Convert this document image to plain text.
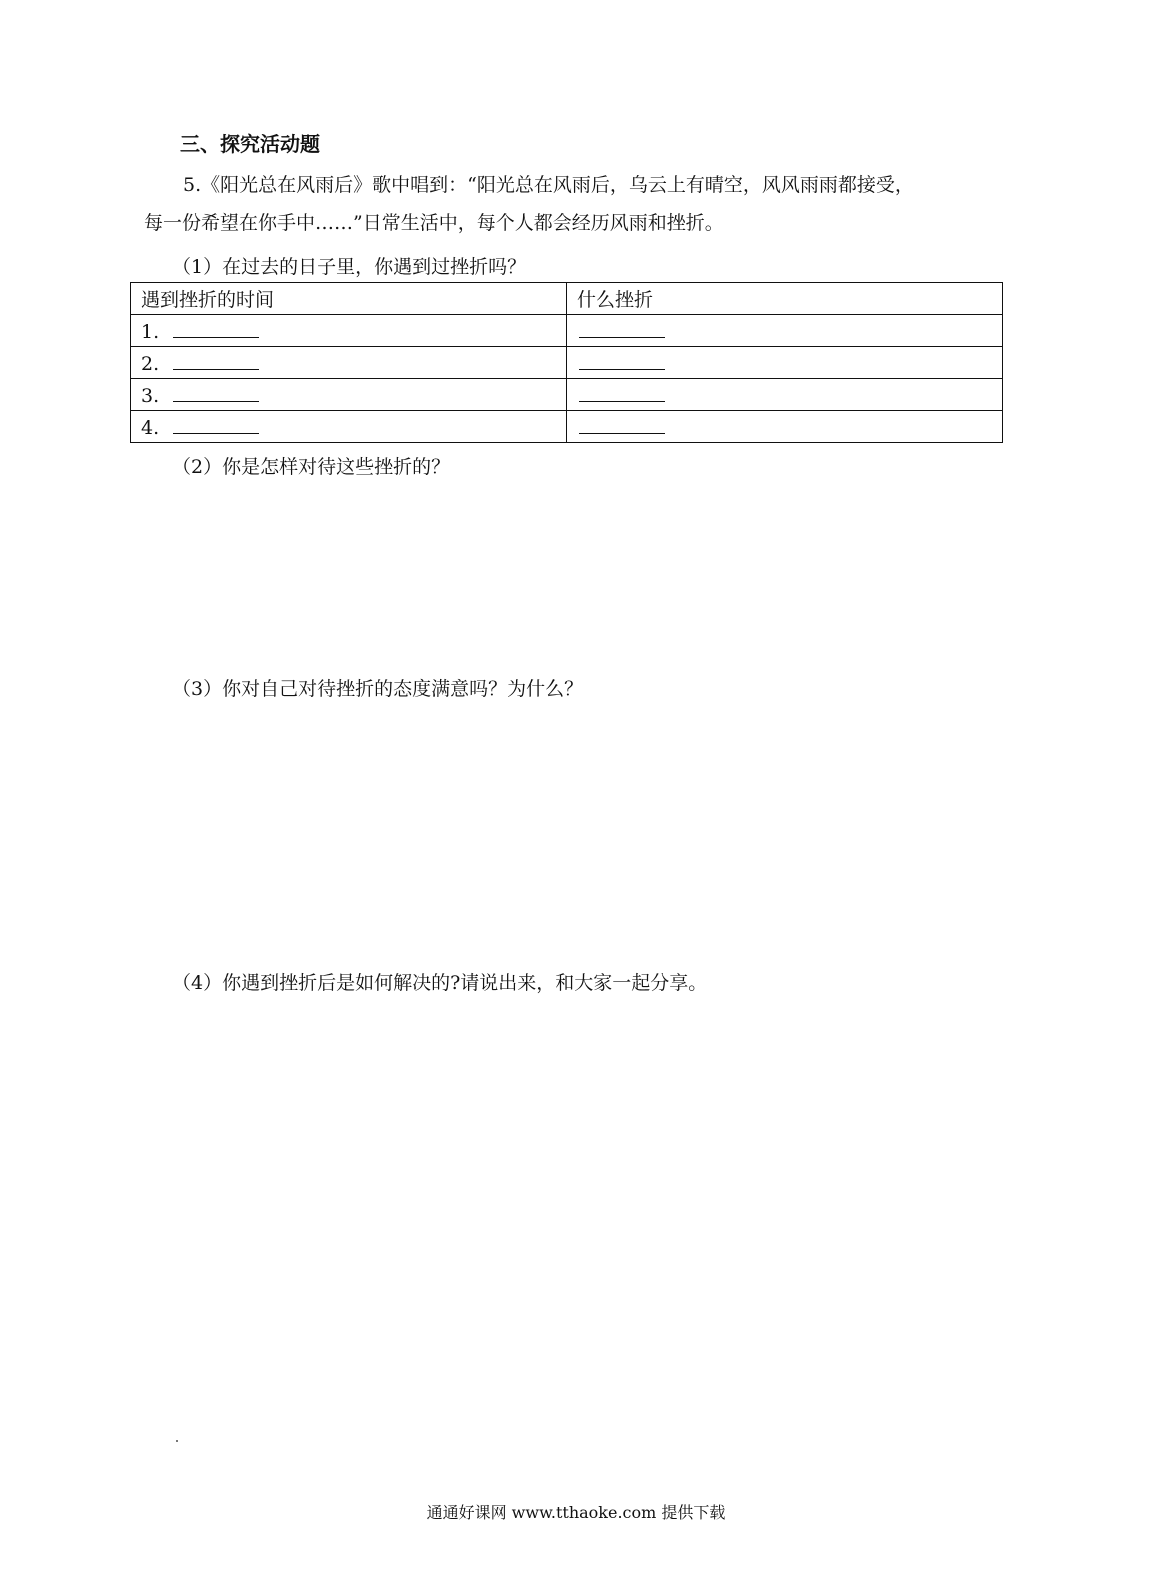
三、探究活动题
5.《阳光总在风雨后》歌中唱到：“阳光总在风雨后，乌云上有晴空，风风雨雨都接受，
每一份希望在你手中……”日常生活中，每个人都会经历风雨和挫折。
（1）在过去的日子里，你遇到过挫折吗？
遇到挫折的时间	什么挫折
1.	
2.	
3.	
4.	
（2）你是怎样对待这些挫折的？
（3）你对自己对待挫折的态度满意吗？为什么？
（4）你遇到挫折后是如何解决的?请说出来，和大家一起分享。
通通好课网 www.tthaoke.com 提供下载
